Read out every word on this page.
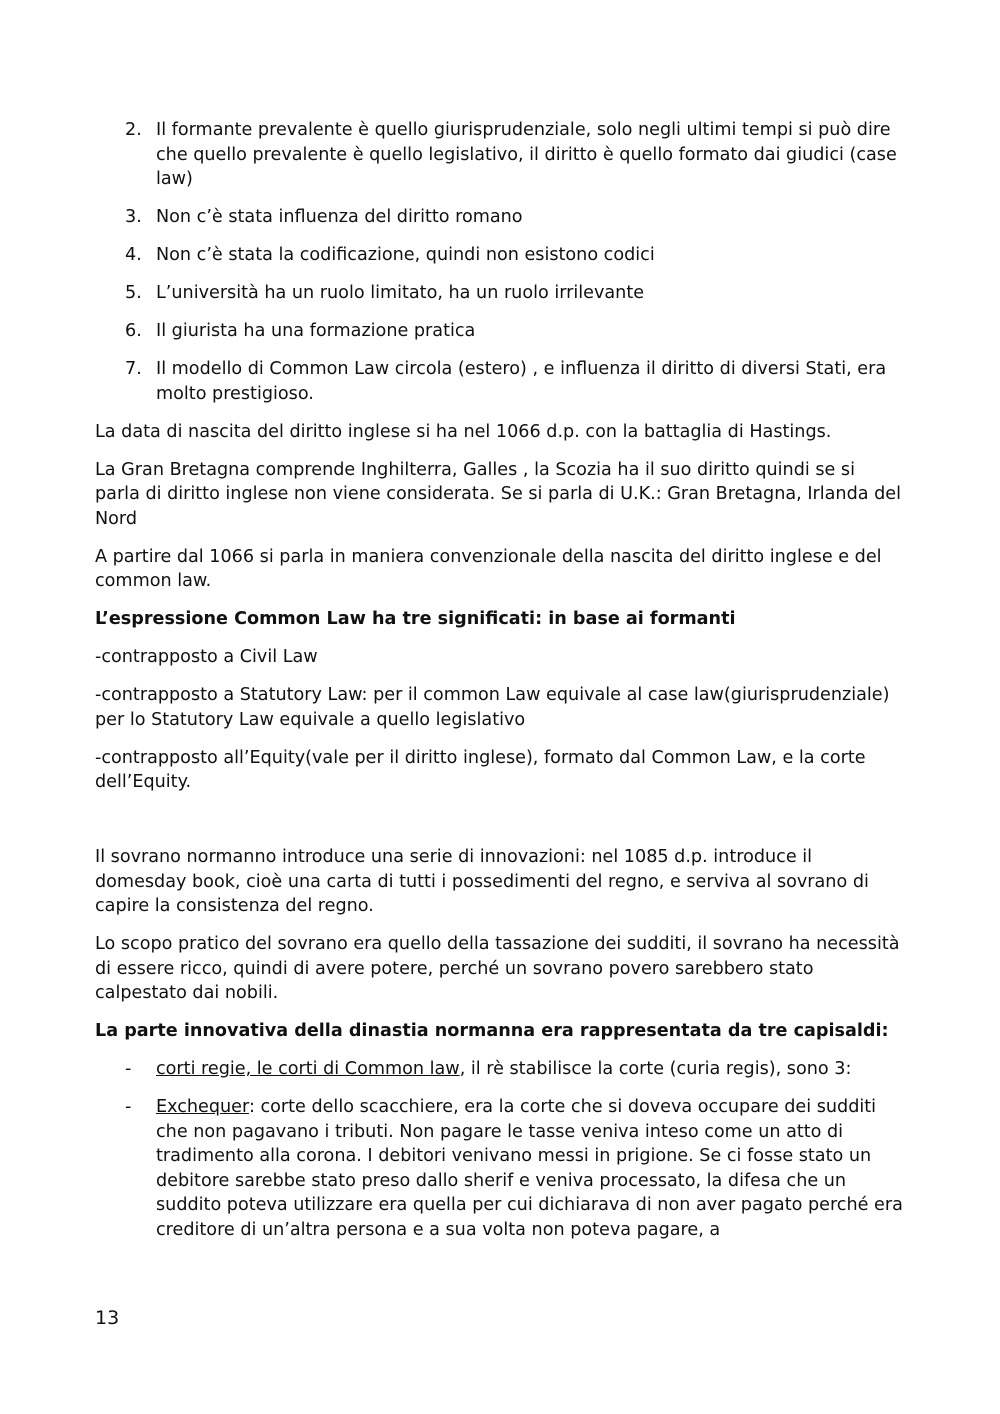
2. Il formante prevalente è quello giurisprudenziale, solo negli ultimi tempi si può dire che quello prevalente è quello legislativo, il diritto è quello formato dai giudici (case law)
3. Non c’è stata influenza del diritto romano
4. Non c’è stata la codificazione, quindi non esistono codici
5. L’università ha un ruolo limitato, ha un ruolo irrilevante
6. Il giurista ha una formazione pratica
7. Il modello di Common Law circola (estero) , e influenza il diritto di diversi Stati, era molto prestigioso.

La data di nascita del diritto inglese si ha nel 1066 d.p. con la battaglia di Hastings.

La Gran Bretagna comprende Inghilterra, Galles , la Scozia ha il suo diritto quindi se si parla di diritto inglese non viene considerata. Se si parla di U.K.: Gran Bretagna, Irlanda del Nord

A partire dal 1066 si parla in maniera convenzionale della nascita del diritto inglese e del common law.

L’espressione Common Law ha tre significati: in base ai formanti

-contrapposto a Civil Law

-contrapposto a Statutory Law: per il common Law equivale al case law(giurisprudenziale) per lo Statutory Law equivale a quello legislativo

-contrapposto all’Equity(vale per il diritto inglese), formato dal Common Law, e la corte dell’Equity.

Il sovrano normanno introduce una serie di innovazioni: nel 1085 d.p. introduce il domesday book, cioè una carta di tutti i possedimenti del regno, e serviva al sovrano di capire la consistenza del regno.

Lo scopo pratico del sovrano era quello della tassazione dei sudditi, il sovrano ha necessità di essere ricco, quindi di avere potere, perché un sovrano povero sarebbero stato calpestato dai nobili.

La parte innovativa della dinastia normanna era rappresentata da tre capisaldi:

- corti regie, le corti di Common law, il rè stabilisce la corte (curia regis), sono 3:
- Exchequer: corte dello scacchiere, era la corte che si doveva occupare dei sudditi che non pagavano i tributi. Non pagare le tasse veniva inteso come un atto di tradimento alla corona. I debitori venivano messi in prigione. Se ci fosse stato un debitore sarebbe stato preso dallo sherif e veniva processato, la difesa che un suddito poteva utilizzare era quella per cui dichiarava di non aver pagato perché era creditore di un’altra persona e a sua volta non poteva pagare, a
13
